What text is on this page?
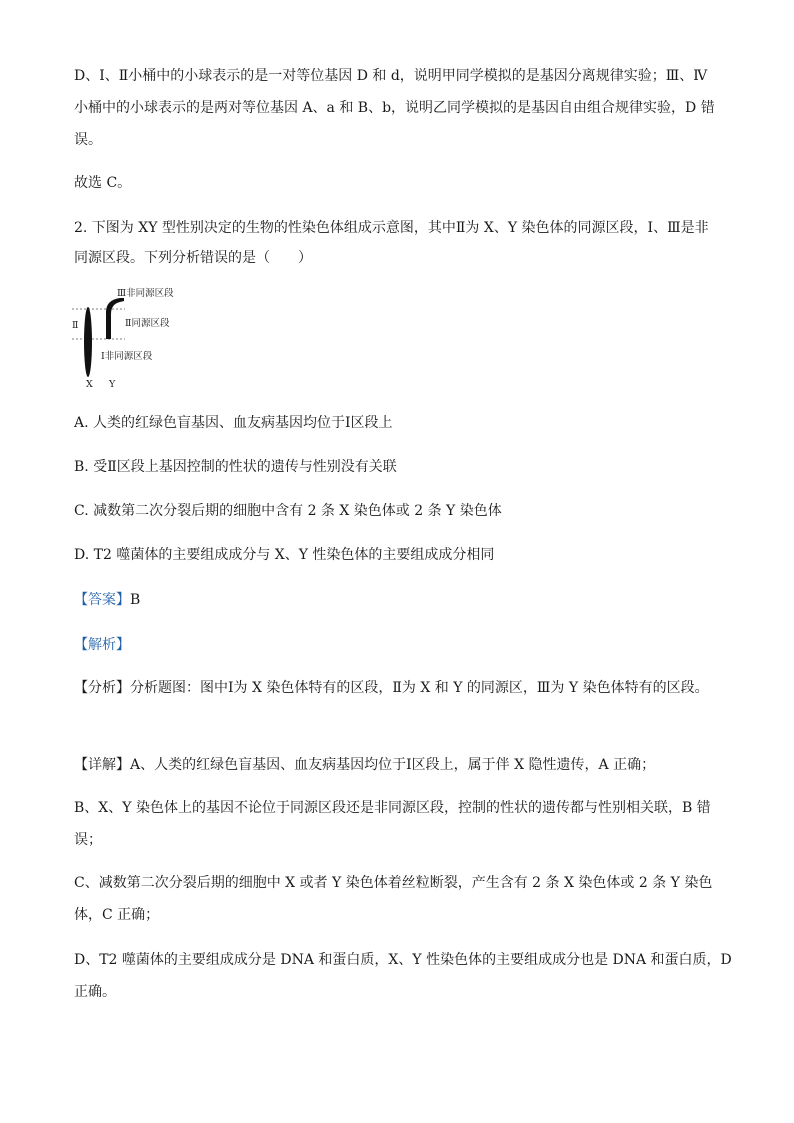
D、Ⅰ、Ⅱ小桶中的小球表示的是一对等位基因 D 和 d，说明甲同学模拟的是基因分离规律实验；Ⅲ、Ⅳ
小桶中的小球表示的是两对等位基因 A、a 和 B、b，说明乙同学模拟的是基因自由组合规律实验，D 错
误。
故选 C。
2. 下图为 XY 型性别决定的生物的性染色体组成示意图，其中Ⅱ为 X、Y 染色体的同源区段，Ⅰ、Ⅲ是非
同源区段。下列分析错误的是（　　）
Ⅲ非同源区段
Ⅱ同源区段
Ⅱ
Ⅰ非同源区段
X Y
A. 人类的红绿色盲基因、血友病基因均位于Ⅰ区段上
B. 受Ⅱ区段上基因控制的性状的遗传与性别没有关联
C. 减数第二次分裂后期的细胞中含有 2 条 X 染色体或 2 条 Y 染色体
D. T2 噬菌体的主要组成成分与 X、Y 性染色体的主要组成成分相同
【答案】B
【解析】
【分析】分析题图：图中Ⅰ为 X 染色体特有的区段，Ⅱ为 X 和 Y 的同源区，Ⅲ为 Y 染色体特有的区段。
【详解】A、人类的红绿色盲基因、血友病基因均位于Ⅰ区段上，属于伴 X 隐性遗传，A 正确；
B、X、Y 染色体上的基因不论位于同源区段还是非同源区段，控制的性状的遗传都与性别相关联，B 错
误；
C、减数第二次分裂后期的细胞中 X 或者 Y 染色体着丝粒断裂，产生含有 2 条 X 染色体或 2 条 Y 染色
体，C 正确；
D、T2 噬菌体的主要组成成分是 DNA 和蛋白质，X、Y 性染色体的主要组成成分也是 DNA 和蛋白质，D
正确。
